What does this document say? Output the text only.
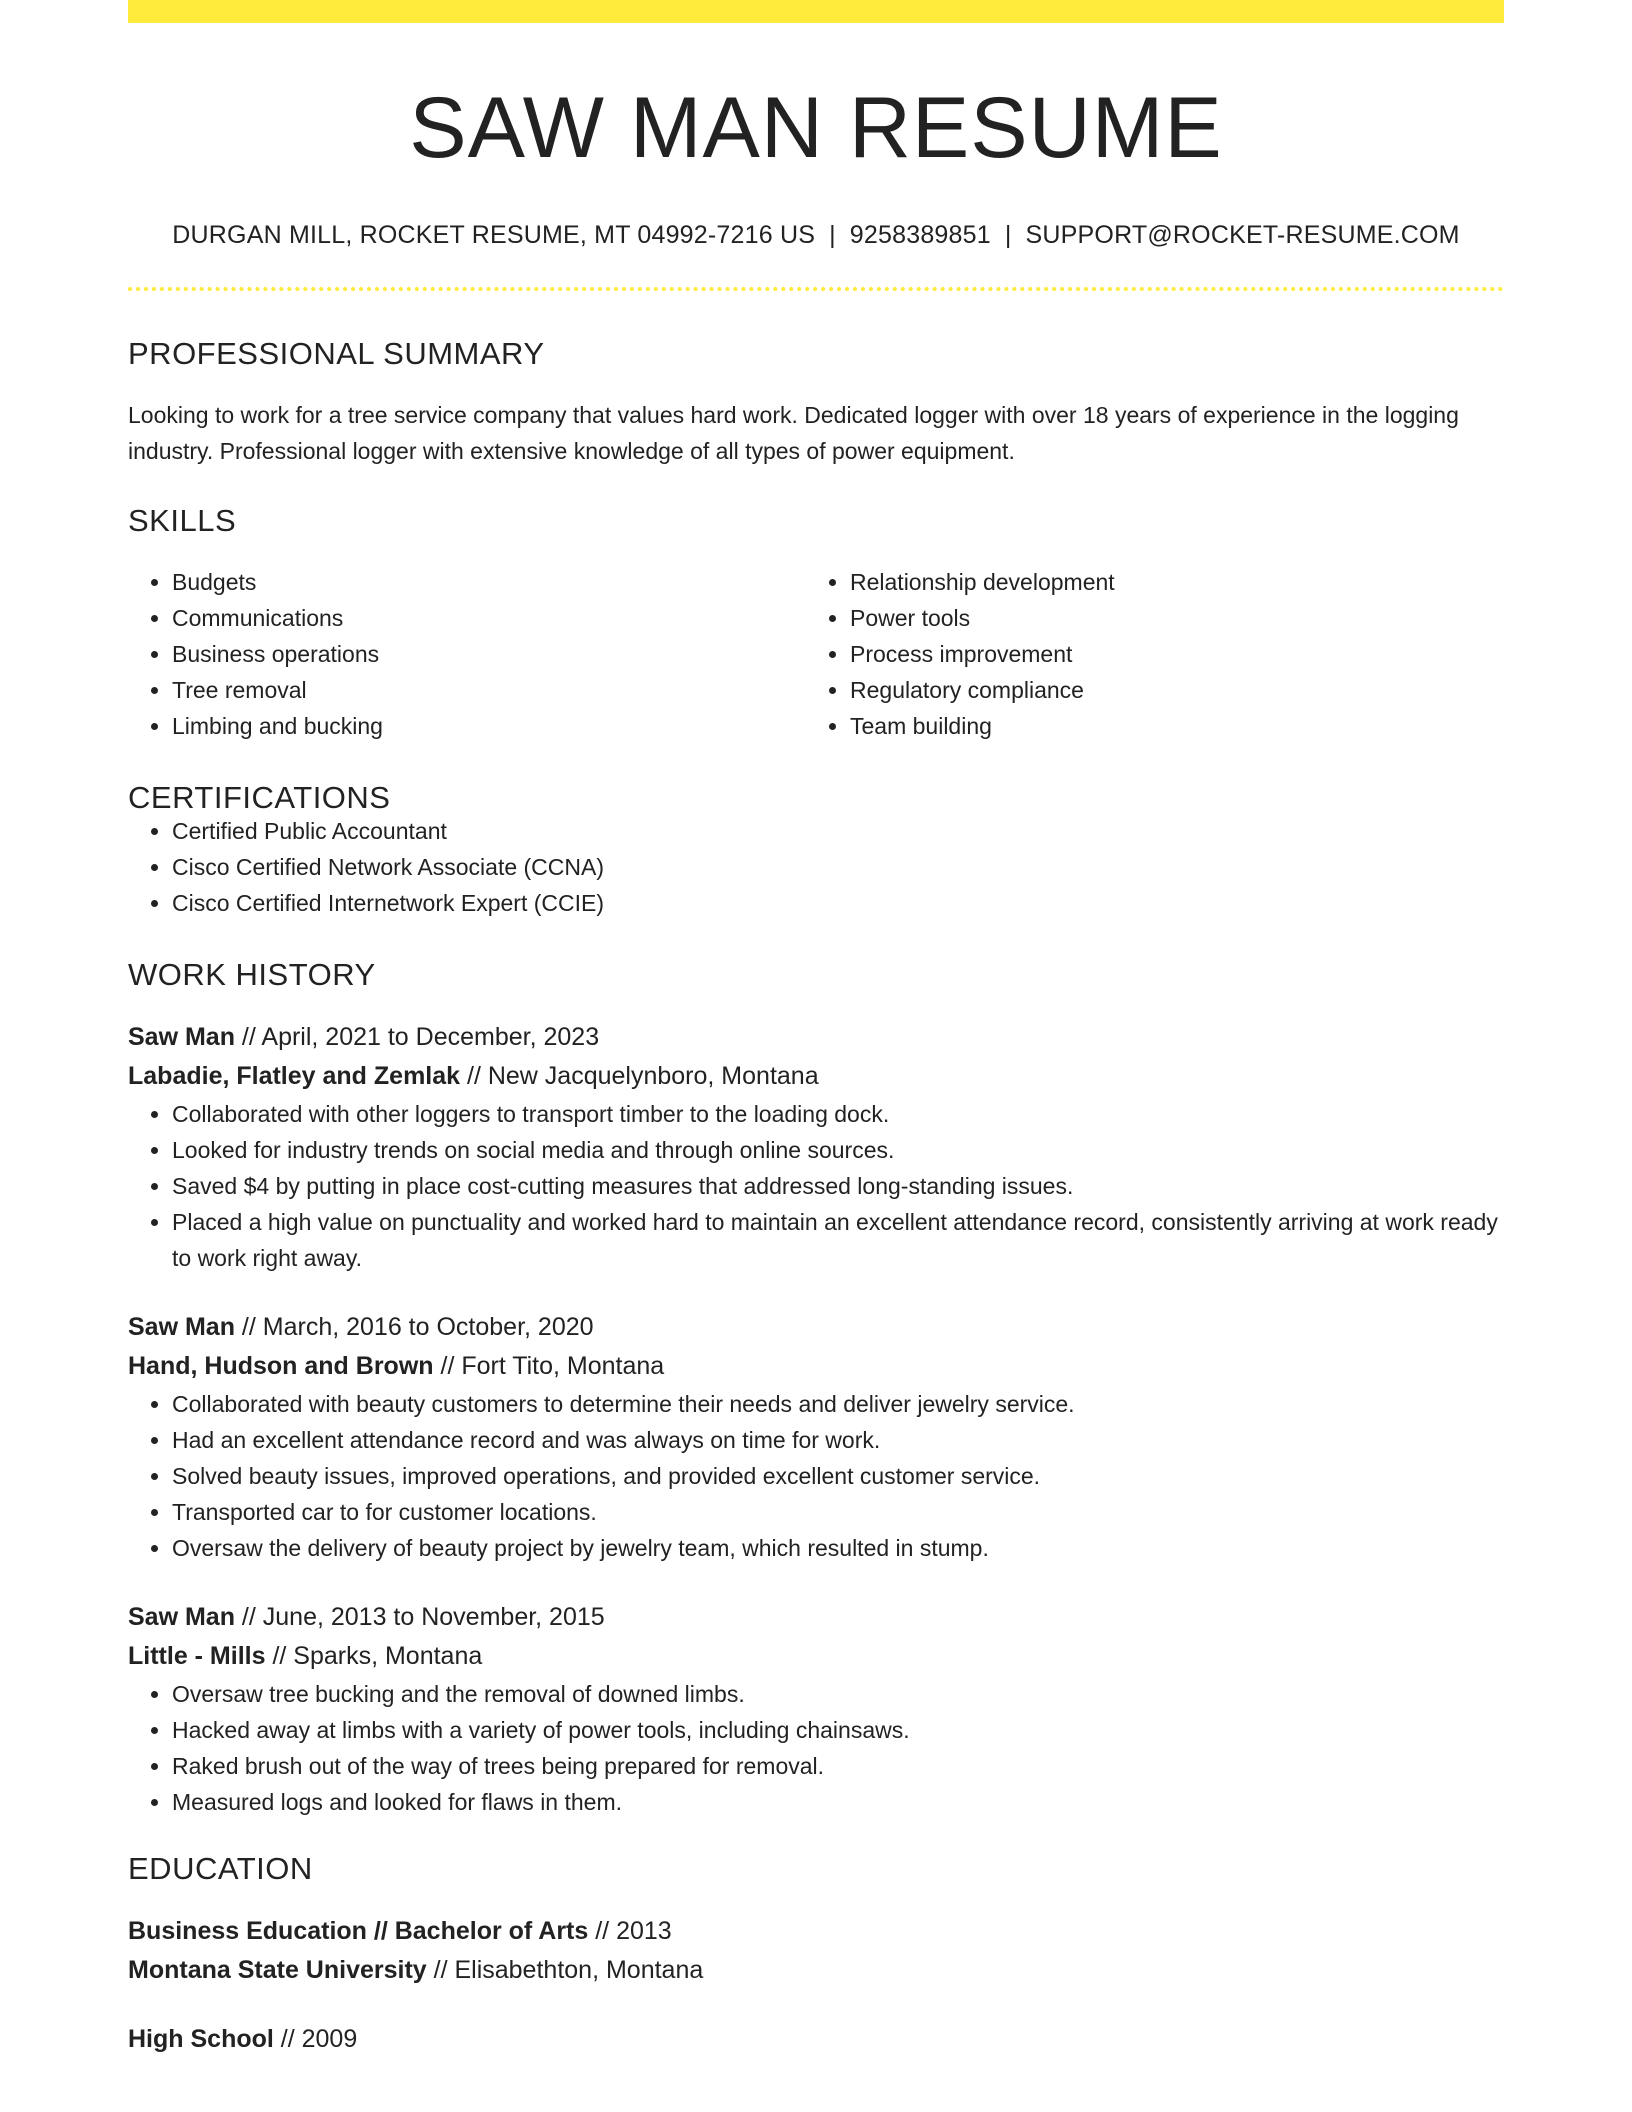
SAW MAN RESUME
DURGAN MILL, ROCKET RESUME, MT 04992-7216 US | 9258389851 | SUPPORT@ROCKET-RESUME.COM
PROFESSIONAL SUMMARY
Looking to work for a tree service company that values hard work. Dedicated logger with over 18 years of experience in the logging industry. Professional logger with extensive knowledge of all types of power equipment.
SKILLS
• Budgets
• Communications
• Business operations
• Tree removal
• Limbing and bucking
• Relationship development
• Power tools
• Process improvement
• Regulatory compliance
• Team building
CERTIFICATIONS
• Certified Public Accountant
• Cisco Certified Network Associate (CCNA)
• Cisco Certified Internetwork Expert (CCIE)
WORK HISTORY
Saw Man // April, 2021 to December, 2023
Labadie, Flatley and Zemlak // New Jacquelynboro, Montana
• Collaborated with other loggers to transport timber to the loading dock.
• Looked for industry trends on social media and through online sources.
• Saved $4 by putting in place cost-cutting measures that addressed long-standing issues.
• Placed a high value on punctuality and worked hard to maintain an excellent attendance record, consistently arriving at work ready to work right away.
Saw Man // March, 2016 to October, 2020
Hand, Hudson and Brown // Fort Tito, Montana
• Collaborated with beauty customers to determine their needs and deliver jewelry service.
• Had an excellent attendance record and was always on time for work.
• Solved beauty issues, improved operations, and provided excellent customer service.
• Transported car to for customer locations.
• Oversaw the delivery of beauty project by jewelry team, which resulted in stump.
Saw Man // June, 2013 to November, 2015
Little - Mills // Sparks, Montana
• Oversaw tree bucking and the removal of downed limbs.
• Hacked away at limbs with a variety of power tools, including chainsaws.
• Raked brush out of the way of trees being prepared for removal.
• Measured logs and looked for flaws in them.
EDUCATION
Business Education // Bachelor of Arts // 2013
Montana State University // Elisabethton, Montana
High School // 2009
